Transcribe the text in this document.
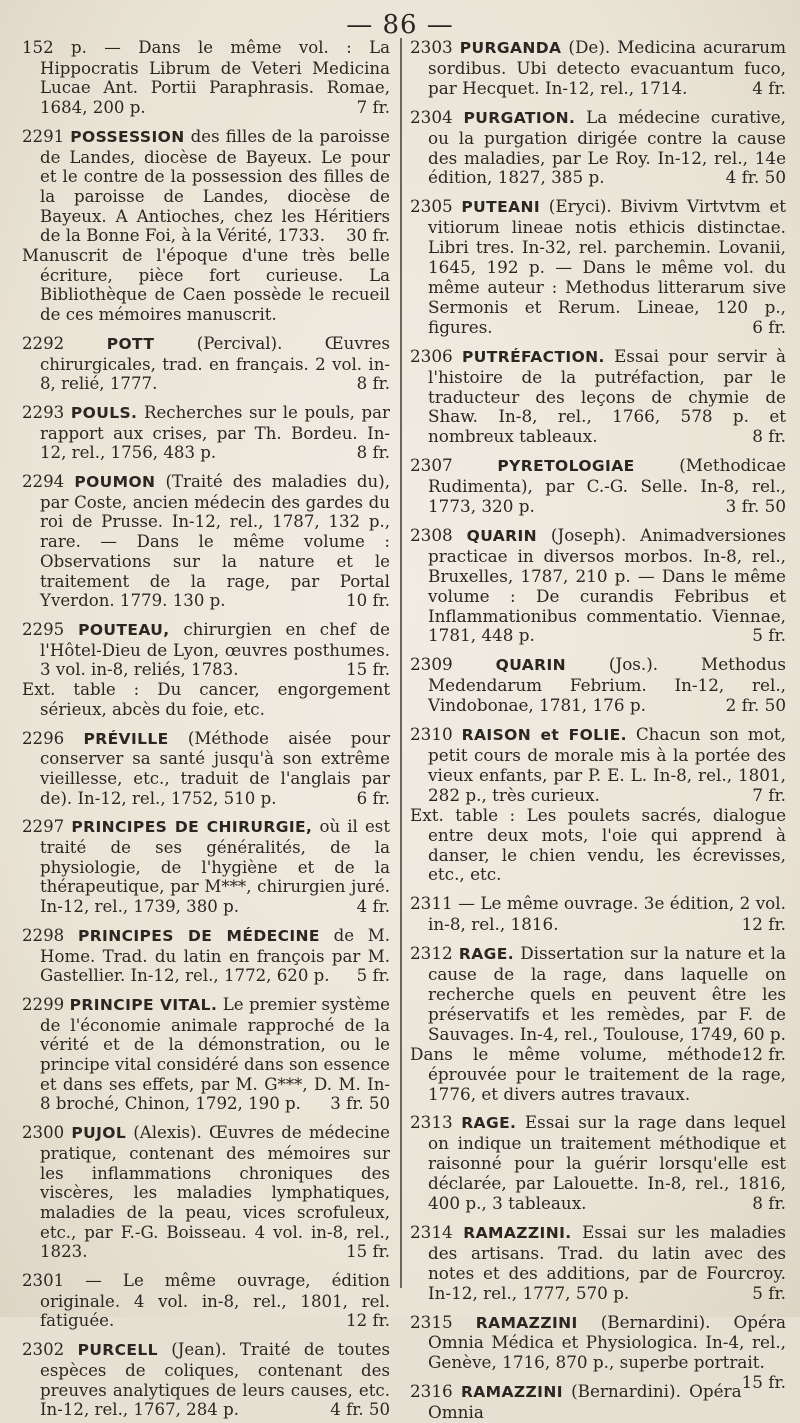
— 86 —

152 p. — Dans le même vol. : La Hippocratis Librum de Veteri Medicina Lucae Ant. Portii Paraphrasis. Romae, 1684, 200 p.	7 fr.

2291 POSSESSION des filles de la paroisse de Landes, diocèse de Bayeux. Le pour et le contre de la possession des filles de la paroisse de Landes, diocèse de Bayeux. A Antioches, chez les Héritiers de la Bonne Foi, à la Vérité, 1733. 30 fr.

Manuscrit de l'époque d'une très belle écriture, pièce fort curieuse. La Bibliothèque de Caen possède le recueil de ces mémoires manuscrit.

2292	POTT	(Percival). Œuvres chirurgicales, trad. en français. 2 vol. in-8, relié, 1777.	8 fr.

2293 POULS. Recherches sur le pouls, par rapport aux crises, par Th. Bordeu. In-12, rel., 1756, 483 p.	8 fr.

2294 POUMON (Traité des maladies du), par Coste, ancien médecin des gardes du roi de Prusse. In-12, rel., 1787, 132 p., rare. — Dans le même volume : Observations sur la nature et le traitement de la rage, par Portal Yverdon. 1779. 130 p.	10 fr.

2295 POUTEAU, chirurgien en chef de l'Hôtel-Dieu de Lyon, œuvres posthumes. 3 vol. in-8, reliés, 1783.	15 fr.

Ext. table : Du cancer, engorgement sérieux, abcès du foie, etc.

2296 PRÉVILLE (Méthode aisée pour conserver sa santé jusqu'à son extrême vieillesse, etc., traduit de l'anglais par de). In-12, rel., 1752, 510 p.	6 fr.

2297 PRINCIPES DE CHIRURGIE, où il est traité de ses généralités, de la physiologie, de l'hygiène et de la thérapeutique, par M***, chirurgien juré. In-12, rel., 1739, 380 p.	4 fr.

2298 PRINCIPES DE MÉDECINE de M. Home. Trad. du latin en françois par M. Gastellier. In-12, rel., 1772, 620 p. 5 fr.

2299 PRINCIPE VITAL. Le premier système de l'économie animale rapproché de la vérité et de la démonstration, ou le principe vital considéré dans son essence et dans ses effets, par M. G***, D. M. In-8 broché, Chinon, 1792, 190 p. 3 fr. 50

2300 PUJOL (Alexis). Œuvres de médecine pratique, contenant des mémoires sur les inflammations chroniques des viscères, les maladies lymphatiques, maladies de la peau, vices scrofuleux, etc., par F.-G. Boisseau. 4 vol. in-8, rel., 1823.	15 fr.

2301 — Le même ouvrage, édition originale. 4 vol. in-8, rel., 1801, rel. fatiguée.	12 fr.

2302 PURCELL (Jean). Traité de toutes espèces de coliques, contenant des preuves analytiques de leurs causes, etc. In-12, rel., 1767, 284 p.	4 fr. 50

2303 PURGANDA (De). Medicina acurarum sordibus. Ubi detecto evacuantum fuco, par Hecquet. In-12, rel., 1714.	4 fr.

2304 PURGATION. La médecine curative, ou la purgation dirigée contre la cause des maladies, par Le Roy. In-12, rel., 14e édition, 1827, 385 p.	4 fr. 50

2305 PUTEANI (Eryci). Bivivm Virtvtvm et vitiorum lineae notis ethicis distinctae. Libri tres. In-32, rel. parchemin. Lovanii, 1645, 192 p. — Dans le même vol. du même auteur : Methodus litterarum sive Sermonis et Rerum. Lineae, 120 p., figures.	6 fr.

2306 PUTRÉFACTION. Essai pour servir à l'histoire de la putréfaction, par le traducteur des leçons de chymie de Shaw. In-8, rel., 1766, 578 p. et nombreux tableaux.	8 fr.

2307	PYRETOLOGIAE	(Methodicae Rudimenta), par C.-G. Selle. In-8, rel., 1773, 320 p.	3 fr. 50

2308 QUARIN (Joseph). Animadversiones practicae in diversos morbos. In-8, rel., Bruxelles, 1787, 210 p. — Dans le même volume : De curandis Febribus et Inflammationibus commentatio. Viennae, 1781, 448 p.	5 fr.

2309	QUARIN	(Jos.). Methodus Medendarum Febrium. In-12, rel., Vindobonae, 1781, 176 p.	2 fr. 50

2310 RAISON et FOLIE. Chacun son mot, petit cours de morale mis à la portée des vieux enfants, par P. E. L. In-8, rel., 1801, 282 p., très curieux.	7 fr.

Ext. table : Les poulets sacrés, dialogue entre deux mots, l'oie qui apprend à danser, le chien vendu, les écrevisses, etc., etc.

2311 — Le même ouvrage. 3e édition, 2 vol. in-8, rel., 1816.	12 fr.

2312 RAGE. Dissertation sur la nature et la cause de la rage, dans laquelle on recherche quels en peuvent être les préservatifs et les remèdes, par F. de Sauvages. In-4, rel., Toulouse, 1749, 60 p.
12 fr.

Dans le même volume, méthode éprouvée pour le traitement de la rage, 1776, et divers autres travaux.

2313 RAGE. Essai sur la rage dans lequel on indique un traitement méthodique et raisonné pour la guérir lorsqu'elle est déclarée, par Lalouette. In-8, rel., 1816, 400 p., 3 tableaux.	8 fr.

2314 RAMAZZINI. Essai sur les maladies des artisans. Trad. du latin avec des notes et des additions, par de Fourcroy. In-12, rel., 1777, 570 p.	5 fr.

2315 RAMAZZINI (Bernardini). Opéra Omnia Médica et Physiologica. In-4, rel., Genève, 1716, 870 p., superbe portrait.
15 fr.

2316 RAMAZZINI (Bernardini). Opéra Omnia
